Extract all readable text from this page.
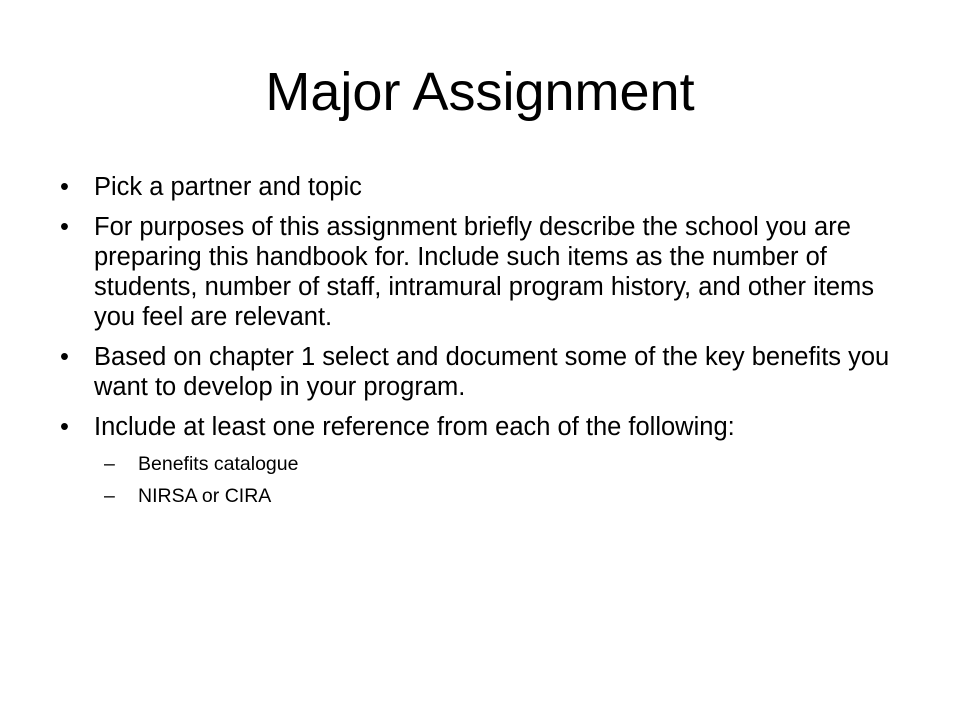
Major Assignment
• Pick a partner and topic
• For purposes of this assignment briefly describe the school you are preparing this handbook for. Include such items as the number of students, number of staff, intramural program history, and other items you feel are relevant.
• Based on chapter 1 select and document some of the key benefits you want to develop in your program.
• Include at least one reference from each of the following:
– Benefits catalogue
– NIRSA or CIRA
